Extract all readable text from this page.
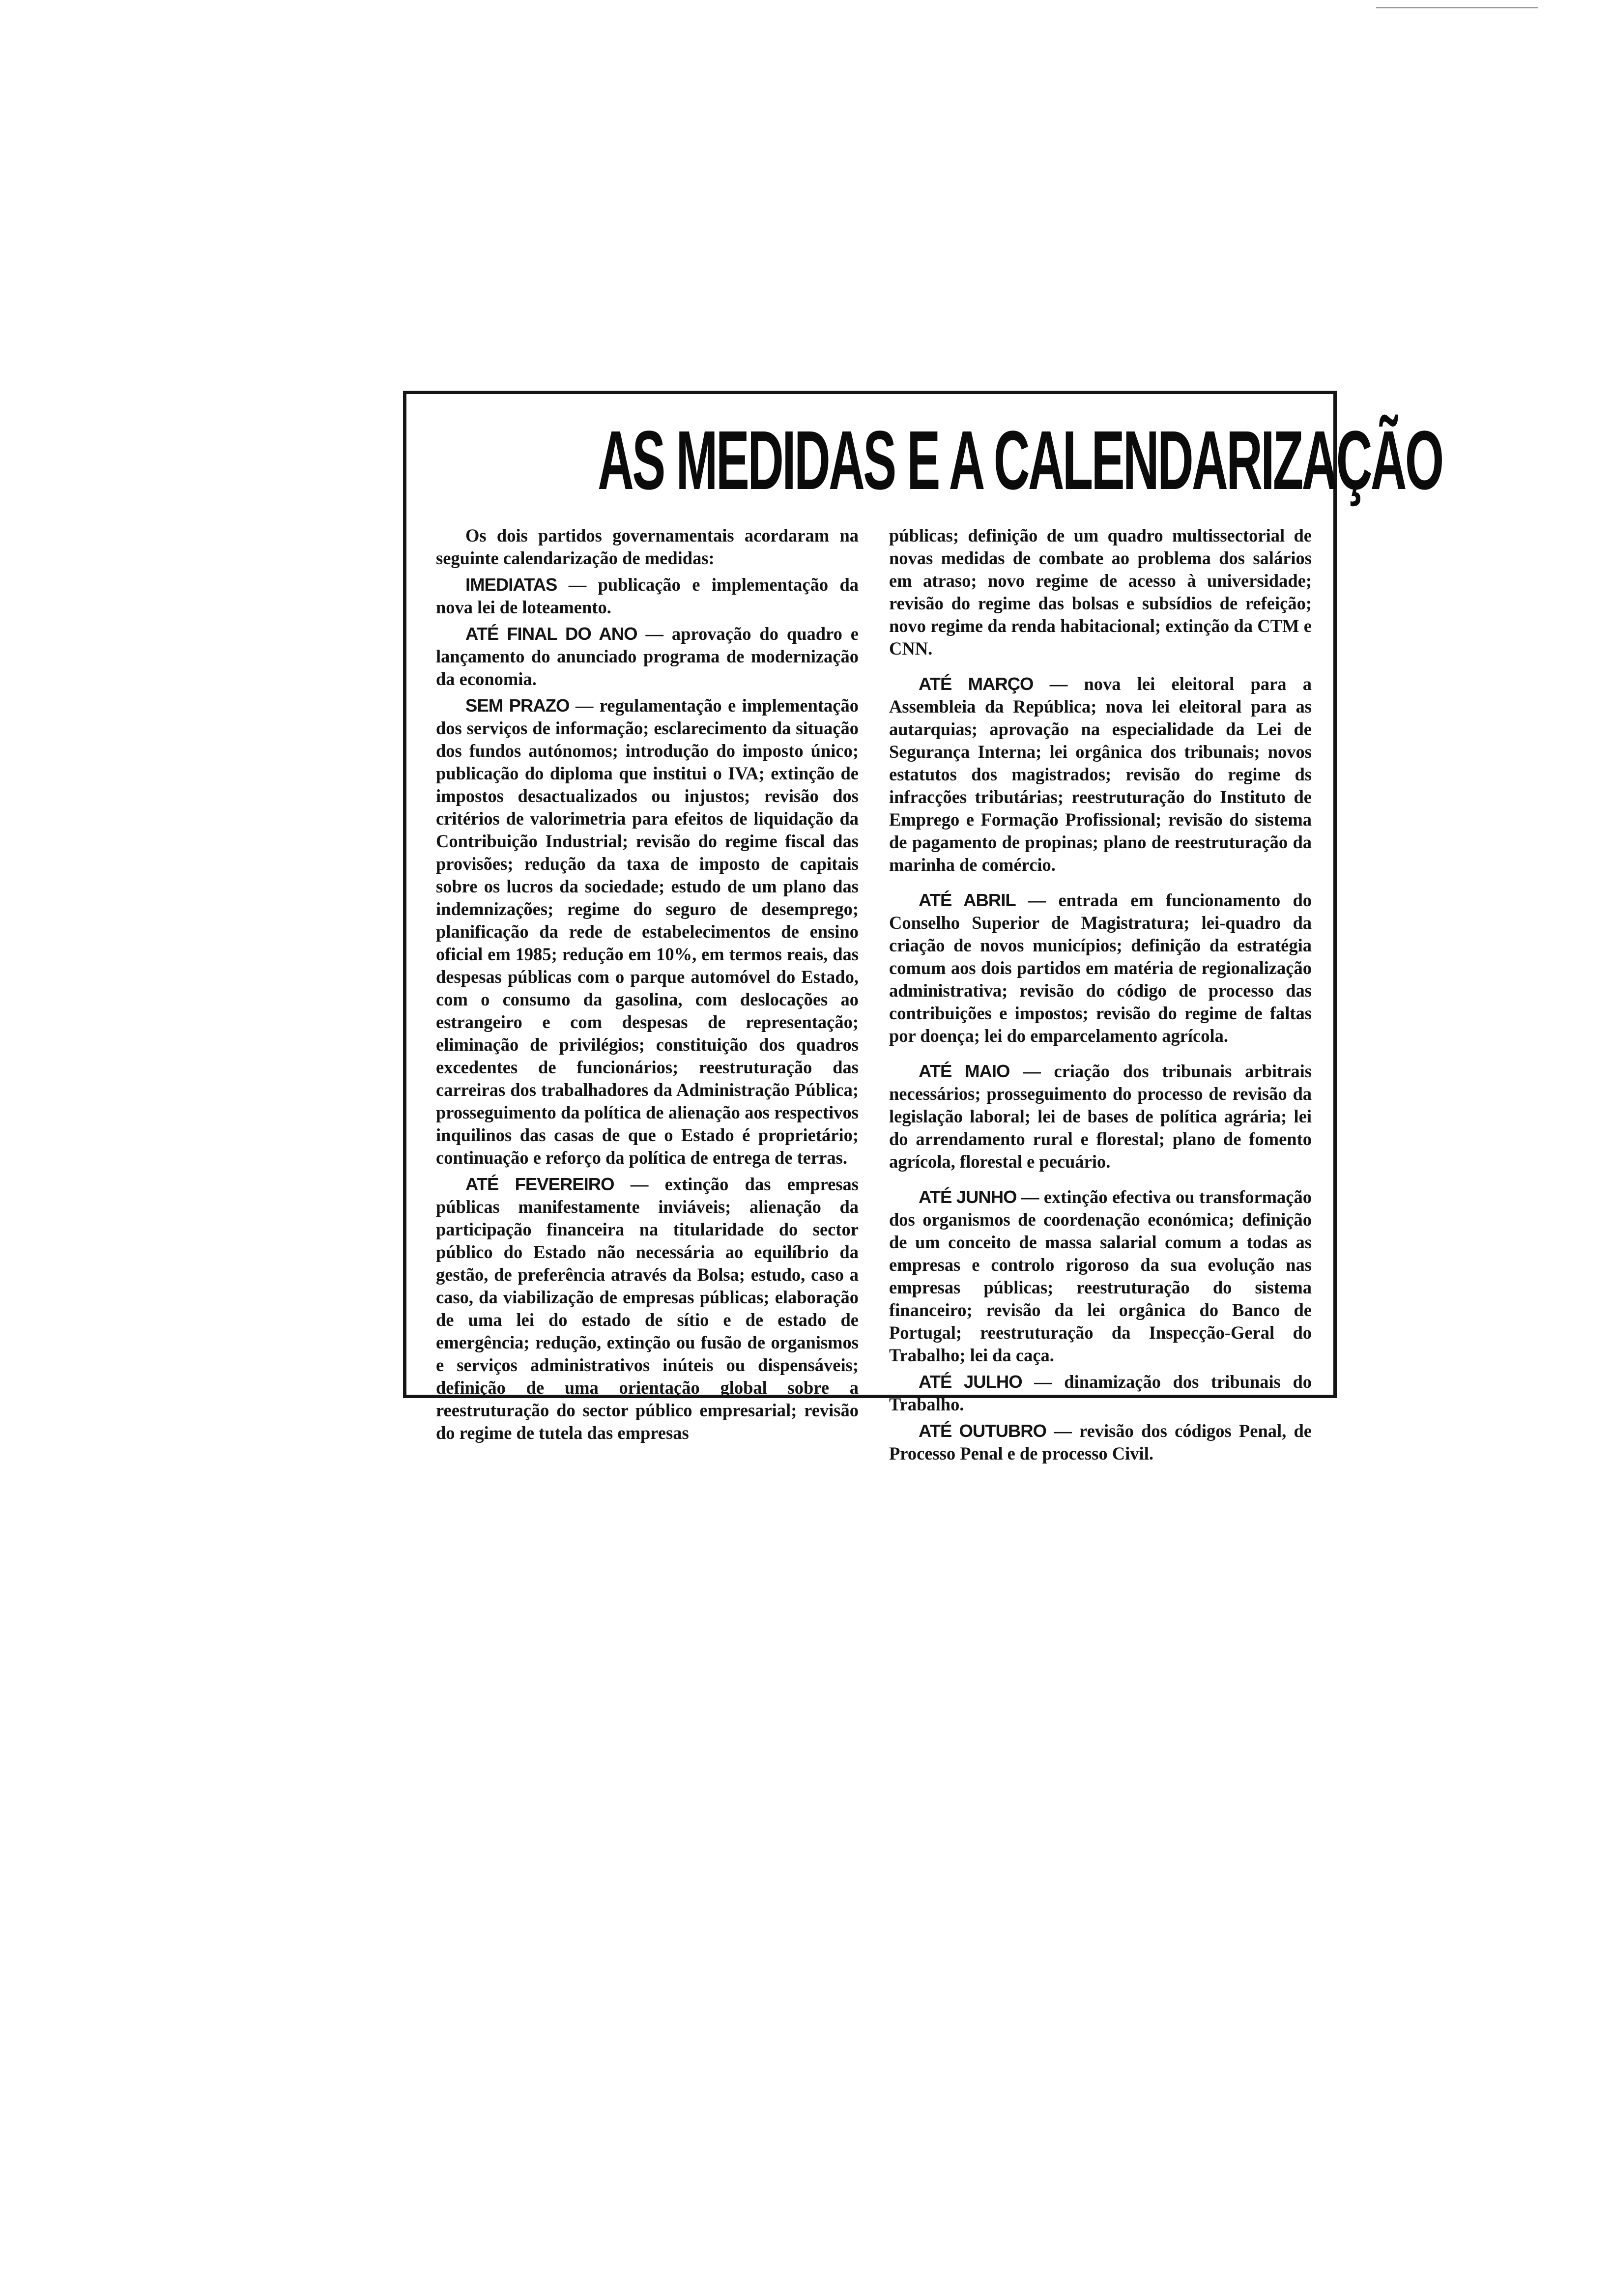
AS MEDIDAS E A CALENDARIZAÇÃO

Os dois partidos governamentais acordaram na seguinte calendarização de medidas:

IMEDIATAS — publicação e implementação da nova lei de loteamento.

ATÉ FINAL DO ANO — aprovação do quadro e lançamento do anunciado programa de modernização da economia.

SEM PRAZO — regulamentação e implementação dos serviços de informação; esclarecimento da situação dos fundos autónomos; introdução do imposto único; publicação do diploma que institui o IVA; extinção de impostos desactualizados ou injustos; revisão dos critérios de valorimetria para efeitos de liquidação da Contribuição Industrial; revisão do regime fiscal das provisões; redução da taxa de imposto de capitais sobre os lucros da sociedade; estudo de um plano das indemnizações; regime do seguro de desemprego; planificação da rede de estabelecimentos de ensino oficial em 1985; redução em 10%, em termos reais, das despesas públicas com o parque automóvel do Estado, com o consumo da gasolina, com deslocações ao estrangeiro e com despesas de representação; eliminação de privilégios; constituição dos quadros excedentes de funcionários; reestruturação das carreiras dos trabalhadores da Administração Pública; prosseguimento da política de alienação aos respectivos inquilinos das casas de que o Estado é proprietário; continuação e reforço da política de entrega de terras.

ATÉ FEVEREIRO — extinção das empresas públicas manifestamente inviáveis; alienação da participação financeira na titularidade do sector público do Estado não necessária ao equilíbrio da gestão, de preferência através da Bolsa; estudo, caso a caso, da viabilização de empresas públicas; elaboração de uma lei do estado de sítio e de estado de emergência; redução, extinção ou fusão de organismos e serviços administrativos inúteis ou dispensáveis; definição de uma orientação global sobre a reestruturação do sector público empresarial; revisão do regime de tutela das empresas

públicas; definição de um quadro multissectorial de novas medidas de combate ao problema dos salários em atraso; novo regime de acesso à universidade; revisão do regime das bolsas e subsídios de refeição; novo regime da renda habitacional; extinção da CTM e CNN.

ATÉ MARÇO — nova lei eleitoral para a Assembleia da República; nova lei eleitoral para as autarquias; aprovação na especialidade da Lei de Segurança Interna; lei orgânica dos tribunais; novos estatutos dos magistrados; revisão do regime ds infracções tributárias; reestruturação do Instituto de Emprego e Formação Profissional; revisão do sistema de pagamento de propinas; plano de reestruturação da marinha de comércio.

ATÉ ABRIL — entrada em funcionamento do Conselho Superior de Magistratura; lei-quadro da criação de novos municípios; definição da estratégia comum aos dois partidos em matéria de regionalização administrativa; revisão do código de processo das contribuições e impostos; revisão do regime de faltas por doença; lei do emparcelamento agrícola.

ATÉ MAIO — criação dos tribunais arbitrais necessários; prosseguimento do processo de revisão da legislação laboral; lei de bases de política agrária; lei do arrendamento rural e florestal; plano de fomento agrícola, florestal e pecuário.

ATÉ JUNHO — extinção efectiva ou transformação dos organismos de coordenação económica; definição de um conceito de massa salarial comum a todas as empresas e controlo rigoroso da sua evolução nas empresas públicas; reestruturação do sistema financeiro; revisão da lei orgânica do Banco de Portugal; reestruturação da Inspecção-Geral do Trabalho; lei da caça.

ATÉ JULHO — dinamização dos tribunais do Trabalho.

ATÉ OUTUBRO — revisão dos códigos Penal, de Processo Penal e de processo Civil.
